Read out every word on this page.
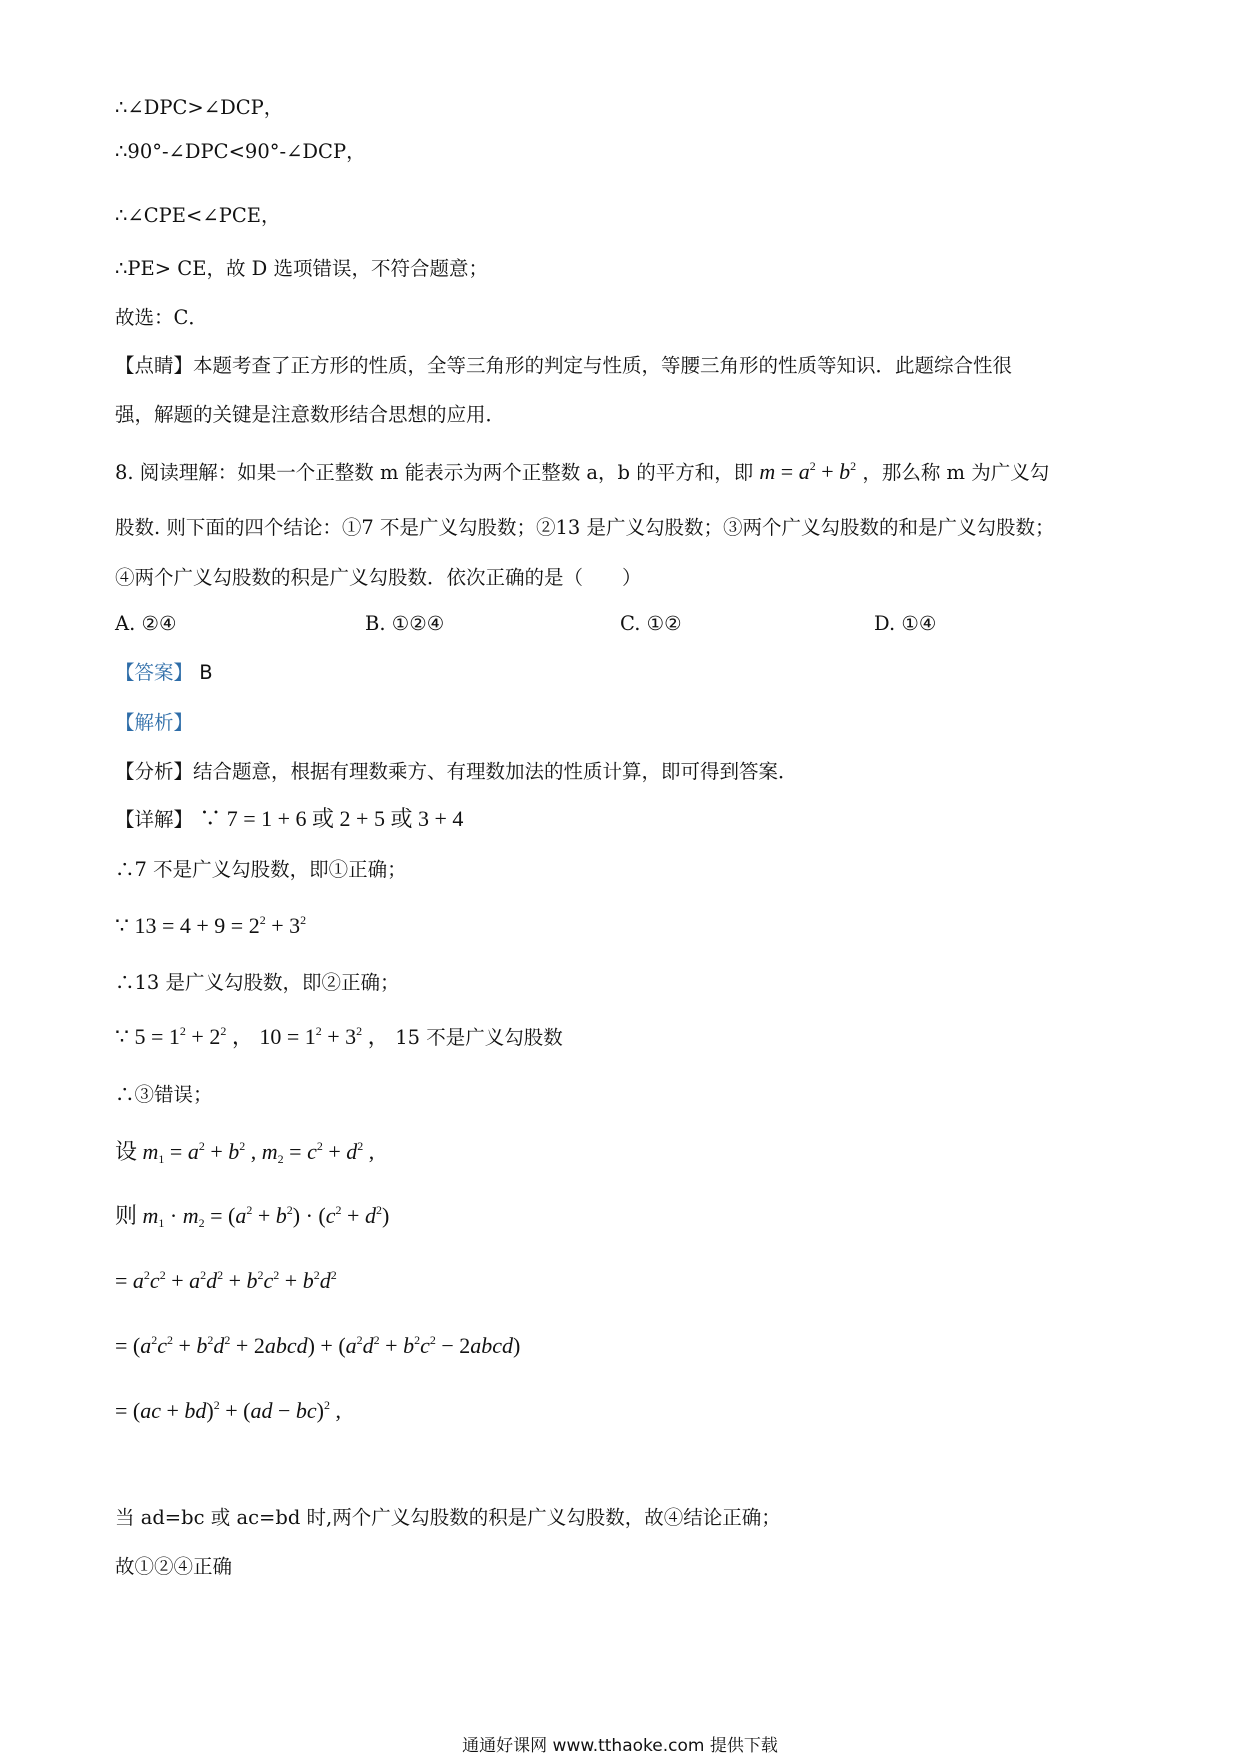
∴∠DPC>∠DCP，
∴90°-∠DPC<90°-∠DCP，
∴∠CPE<∠PCE，
∴PE> CE，故 D 选项错误，不符合题意；
故选：C．
【点睛】本题考查了正方形的性质，全等三角形的判定与性质，等腰三角形的性质等知识．此题综合性很
强，解题的关键是注意数形结合思想的应用．
8. 阅读理解：如果一个正整数 m 能表示为两个正整数 a，b 的平方和，即 $m = a^2 + b^2$ ，那么称 m 为广义勾
股数. 则下面的四个结论：①7 不是广义勾股数；②13 是广义勾股数；③两个广义勾股数的和是广义勾股数；
④两个广义勾股数的积是广义勾股数．依次正确的是（　　）
A. ②④	B. ①②④	C. ①②	D. ①④
【答案】 B
【解析】
【分析】结合题意，根据有理数乘方、有理数加法的性质计算，即可得到答案．
【详解】 ∵ 7 = 1 + 6 或 2 + 5 或 3 + 4
∴7 不是广义勾股数，即①正确；
∵ $13 = 4 + 9 = 2^2 + 3^2$
∴13 是广义勾股数，即②正确；
∵ $5 = 1^2 + 2^2$ ， $10 = 1^2 + 3^2$ ， 15 不是广义勾股数
∴③错误；
设 $m_1 = a^2 + b^2$ , $m_2 = c^2 + d^2$ ,
则 $m_1 \cdot m_2 = (a^2 + b^2) \cdot (c^2 + d^2)$
= $a^2c^2 + a^2d^2 + b^2c^2 + b^2d^2$
= ($a^2c^2 + b^2d^2$ + 2abcd) + ($a^2d^2 + b^2c^2$ − 2abcd)
= (ac + bd)$^2$ + (ad − bc)$^2$ ,
当 ad=bc 或 ac=bd 时,两个广义勾股数的积是广义勾股数，故④结论正确；
故①②④正确
通通好课网 www.tthaoke.com 提供下载
